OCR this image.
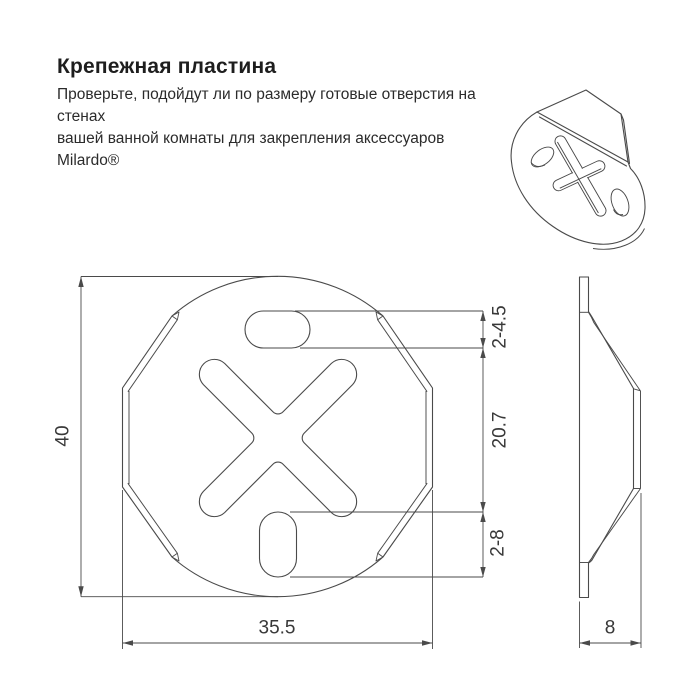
Крепежная пластина
Проверьте, подойдут ли по размеру готовые отверстия на стенах
вашей ванной комнаты для закрепления аксессуаров Milardo®
40
35.5
2-4.5
20.7
2-8
8
